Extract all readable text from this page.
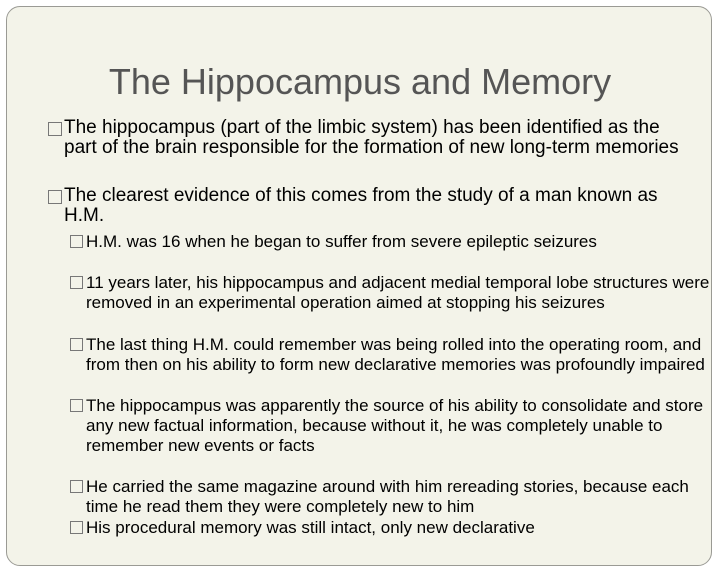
The Hippocampus and Memory
The hippocampus (part of the limbic system) has been identified as the part of the brain responsible for the formation of new long-term memories
The clearest evidence of this comes from the study of a man known as H.M.
H.M. was 16 when he began to suffer from severe epileptic seizures
11 years later, his hippocampus and adjacent medial temporal lobe structures were removed in an experimental operation aimed at stopping his seizures
The last thing H.M. could remember was being rolled into the operating room, and from then on his ability to form new declarative memories was profoundly impaired
The hippocampus was apparently the source of his ability to consolidate and store any new factual information, because without it, he was completely unable to remember new events or facts
He carried the same magazine around with him rereading stories, because each time he read them they were completely new to him
His procedural memory was still intact, only new declarative
